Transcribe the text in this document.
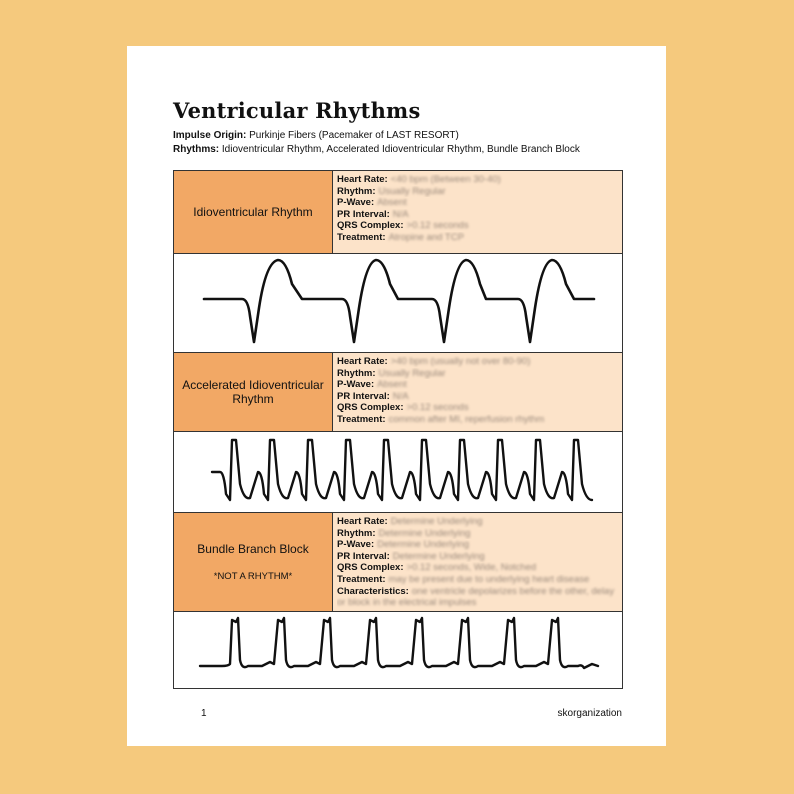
Ventricular Rhythms
Impulse Origin: Purkinje Fibers (Pacemaker of LAST RESORT)
Rhythms: Idioventricular Rhythm, Accelerated Idioventricular Rhythm, Bundle Branch Block
Idioventricular Rhythm
Heart Rate: <40 bpm (Between 30-40)
Rhythm: Usually Regular
P-Wave: Absent
PR Interval: N/A
QRS Complex: >0.12 seconds
Treatment: Atropine and TCP
Accelerated Idioventricular Rhythm
Heart Rate: >40 bpm (usually not over 80-90)
Rhythm: Usually Regular
P-Wave: Absent
PR Interval: N/A
QRS Complex: >0.12 seconds
Treatment: common after MI, reperfusion rhythm
Bundle Branch Block
*NOT A RHYTHM*
Heart Rate: Determine Underlying
Rhythm: Determine Underlying
P-Wave: Determine Underlying
PR Interval: Determine Underlying
QRS Complex: >0.12 seconds, Wide, Notched
Treatment: may be present due to underlying heart disease
Characteristics: one ventricle depolarizes before the other, delay or block in the electrical impulses
1	skorganization
